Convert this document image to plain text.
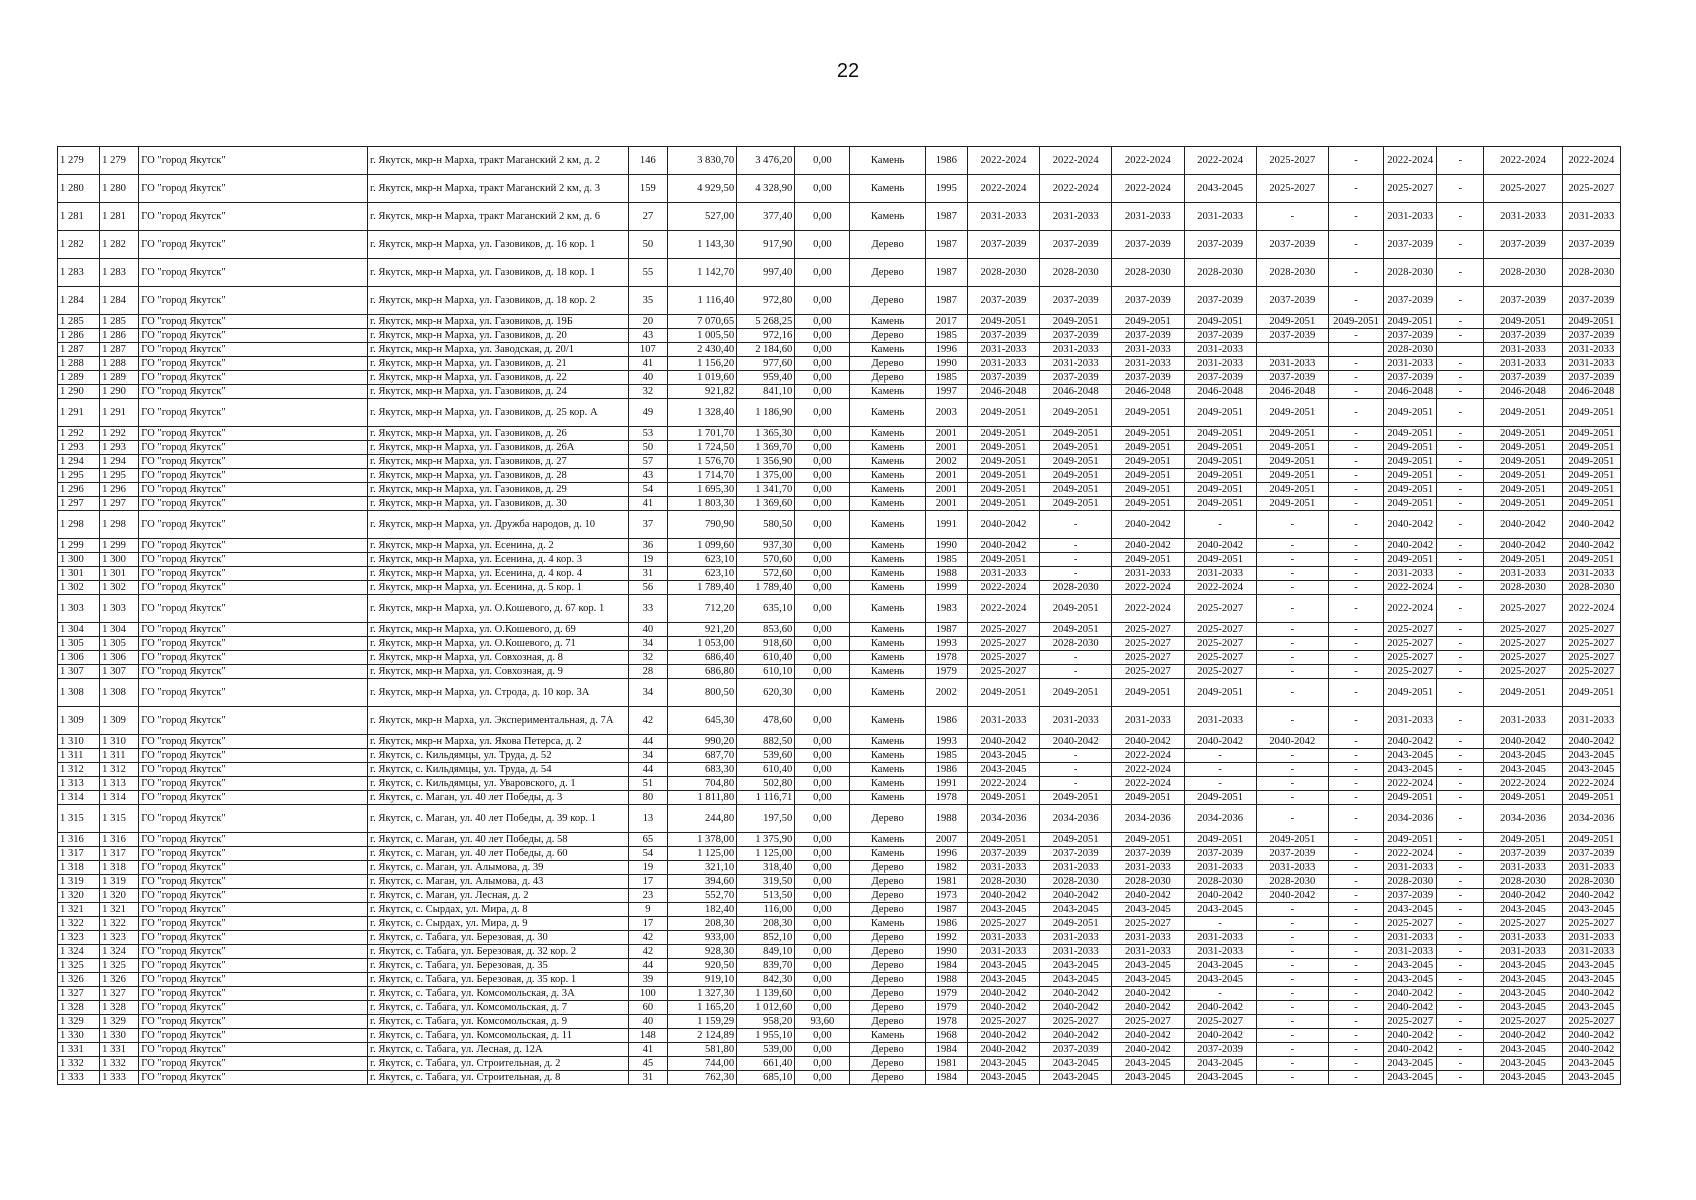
22
1 279	1 279	ГО "город Якутск"	г. Якутск, мкр-н Марха, тракт Маганский 2 км, д. 2	146	3 830,70	3 476,20	0,00	Камень	1986	2022-2024	2022-2024	2022-2024	2022-2024	2025-2027	-	2022-2024	-	2022-2024	2022-2024
1 280	1 280	ГО "город Якутск"	г. Якутск, мкр-н Марха, тракт Маганский 2 км, д. 3	159	4 929,50	4 328,90	0,00	Камень	1995	2022-2024	2022-2024	2022-2024	2043-2045	2025-2027	-	2025-2027	-	2025-2027	2025-2027
1 281	1 281	ГО "город Якутск"	г. Якутск, мкр-н Марха, тракт Маганский 2 км, д. 6	27	527,00	377,40	0,00	Камень	1987	2031-2033	2031-2033	2031-2033	2031-2033	-	-	2031-2033	-	2031-2033	2031-2033
1 282	1 282	ГО "город Якутск"	г. Якутск, мкр-н Марха, ул. Газовиков, д. 16 кор. 1	50	1 143,30	917,90	0,00	Дерево	1987	2037-2039	2037-2039	2037-2039	2037-2039	2037-2039	-	2037-2039	-	2037-2039	2037-2039
1 283	1 283	ГО "город Якутск"	г. Якутск, мкр-н Марха, ул. Газовиков, д. 18 кор. 1	55	1 142,70	997,40	0,00	Дерево	1987	2028-2030	2028-2030	2028-2030	2028-2030	2028-2030	-	2028-2030	-	2028-2030	2028-2030
1 284	1 284	ГО "город Якутск"	г. Якутск, мкр-н Марха, ул. Газовиков, д. 18 кор. 2	35	1 116,40	972,80	0,00	Дерево	1987	2037-2039	2037-2039	2037-2039	2037-2039	2037-2039	-	2037-2039	-	2037-2039	2037-2039
1 285	1 285	ГО "город Якутск"	г. Якутск, мкр-н Марха, ул. Газовиков, д. 19Б	20	7 070,65	5 268,25	0,00	Камень	2017	2049-2051	2049-2051	2049-2051	2049-2051	2049-2051	2049-2051	2049-2051	-	2049-2051	2049-2051
1 286	1 286	ГО "город Якутск"	г. Якутск, мкр-н Марха, ул. Газовиков, д. 20	43	1 005,50	972,16	0,00	Дерево	1985	2037-2039	2037-2039	2037-2039	2037-2039	2037-2039	-	2037-2039	-	2037-2039	2037-2039
1 287	1 287	ГО "город Якутск"	г. Якутск, мкр-н Марха, ул. Заводская, д. 20/1	107	2 430,40	2 184,60	0,00	Камень	1996	2031-2033	2031-2033	2031-2033	2031-2033			2028-2030		2031-2033	2031-2033
1 288	1 288	ГО "город Якутск"	г. Якутск, мкр-н Марха, ул. Газовиков, д. 21	41	1 156,20	977,60	0,00	Дерево	1990	2031-2033	2031-2033	2031-2033	2031-2033	2031-2033	-	2031-2033	-	2031-2033	2031-2033
1 289	1 289	ГО "город Якутск"	г. Якутск, мкр-н Марха, ул. Газовиков, д. 22	40	1 019,60	959,40	0,00	Дерево	1985	2037-2039	2037-2039	2037-2039	2037-2039	2037-2039	-	2037-2039	-	2037-2039	2037-2039
1 290	1 290	ГО "город Якутск"	г. Якутск, мкр-н Марха, ул. Газовиков, д. 24	32	921,82	841,10	0,00	Камень	1997	2046-2048	2046-2048	2046-2048	2046-2048	2046-2048	-	2046-2048	-	2046-2048	2046-2048
1 291	1 291	ГО "город Якутск"	г. Якутск, мкр-н Марха, ул. Газовиков, д. 25 кор. А	49	1 328,40	1 186,90	0,00	Камень	2003	2049-2051	2049-2051	2049-2051	2049-2051	2049-2051	-	2049-2051	-	2049-2051	2049-2051
1 292	1 292	ГО "город Якутск"	г. Якутск, мкр-н Марха, ул. Газовиков, д. 26	53	1 701,70	1 365,30	0,00	Камень	2001	2049-2051	2049-2051	2049-2051	2049-2051	2049-2051	-	2049-2051	-	2049-2051	2049-2051
1 293	1 293	ГО "город Якутск"	г. Якутск, мкр-н Марха, ул. Газовиков, д. 26А	50	1 724,50	1 369,70	0,00	Камень	2001	2049-2051	2049-2051	2049-2051	2049-2051	2049-2051	-	2049-2051	-	2049-2051	2049-2051
1 294	1 294	ГО "город Якутск"	г. Якутск, мкр-н Марха, ул. Газовиков, д. 27	57	1 576,70	1 356,90	0,00	Камень	2002	2049-2051	2049-2051	2049-2051	2049-2051	2049-2051	-	2049-2051	-	2049-2051	2049-2051
1 295	1 295	ГО "город Якутск"	г. Якутск, мкр-н Марха, ул. Газовиков, д. 28	43	1 714,70	1 375,00	0,00	Камень	2001	2049-2051	2049-2051	2049-2051	2049-2051	2049-2051	-	2049-2051	-	2049-2051	2049-2051
1 296	1 296	ГО "город Якутск"	г. Якутск, мкр-н Марха, ул. Газовиков, д. 29	54	1 695,30	1 341,70	0,00	Камень	2001	2049-2051	2049-2051	2049-2051	2049-2051	2049-2051	-	2049-2051	-	2049-2051	2049-2051
1 297	1 297	ГО "город Якутск"	г. Якутск, мкр-н Марха, ул. Газовиков, д. 30	41	1 803,30	1 369,60	0,00	Камень	2001	2049-2051	2049-2051	2049-2051	2049-2051	2049-2051	-	2049-2051	-	2049-2051	2049-2051
1 298	1 298	ГО "город Якутск"	г. Якутск, мкр-н Марха, ул. Дружба народов, д. 10	37	790,90	580,50	0,00	Камень	1991	2040-2042	-	2040-2042	-	-	-	2040-2042	-	2040-2042	2040-2042
1 299	1 299	ГО "город Якутск"	г. Якутск, мкр-н Марха, ул. Есенина, д. 2	36	1 099,60	937,30	0,00	Камень	1990	2040-2042	-	2040-2042	2040-2042	-	-	2040-2042	-	2040-2042	2040-2042
1 300	1 300	ГО "город Якутск"	г. Якутск, мкр-н Марха, ул. Есенина, д. 4 кор. 3	19	623,10	570,60	0,00	Камень	1985	2049-2051	-	2049-2051	2049-2051	-	-	2049-2051	-	2049-2051	2049-2051
1 301	1 301	ГО "город Якутск"	г. Якутск, мкр-н Марха, ул. Есенина, д. 4 кор. 4	31	623,10	572,60	0,00	Камень	1988	2031-2033	-	2031-2033	2031-2033	-	-	2031-2033	-	2031-2033	2031-2033
1 302	1 302	ГО "город Якутск"	г. Якутск, мкр-н Марха, ул. Есенина, д. 5 кор. 1	56	1 789,40	1 789,40	0,00	Камень	1999	2022-2024	2028-2030	2022-2024	2022-2024	-	-	2022-2024	-	2028-2030	2028-2030
1 303	1 303	ГО "город Якутск"	г. Якутск, мкр-н Марха, ул. О.Кошевого, д. 67 кор. 1	33	712,20	635,10	0,00	Камень	1983	2022-2024	2049-2051	2022-2024	2025-2027	-	-	2022-2024	-	2025-2027	2022-2024
1 304	1 304	ГО "город Якутск"	г. Якутск, мкр-н Марха, ул. О.Кошевого, д. 69	40	921,20	853,60	0,00	Камень	1987	2025-2027	2049-2051	2025-2027	2025-2027	-	-	2025-2027	-	2025-2027	2025-2027
1 305	1 305	ГО "город Якутск"	г. Якутск, мкр-н Марха, ул. О.Кошевого, д. 71	34	1 053,00	918,60	0,00	Камень	1993	2025-2027	2028-2030	2025-2027	2025-2027	-	-	2025-2027	-	2025-2027	2025-2027
1 306	1 306	ГО "город Якутск"	г. Якутск, мкр-н Марха, ул. Совхозная, д. 8	32	686,40	610,40	0,00	Камень	1978	2025-2027	-	2025-2027	2025-2027	-	-	2025-2027	-	2025-2027	2025-2027
1 307	1 307	ГО "город Якутск"	г. Якутск, мкр-н Марха, ул. Совхозная, д. 9	28	686,80	610,10	0,00	Камень	1979	2025-2027	-	2025-2027	2025-2027	-	-	2025-2027	-	2025-2027	2025-2027
1 308	1 308	ГО "город Якутск"	г. Якутск, мкр-н Марха, ул. Строда, д. 10 кор. 3А	34	800,50	620,30	0,00	Камень	2002	2049-2051	2049-2051	2049-2051	2049-2051	-	-	2049-2051	-	2049-2051	2049-2051
1 309	1 309	ГО "город Якутск"	г. Якутск, мкр-н Марха, ул. Экспериментальная, д. 7А	42	645,30	478,60	0,00	Камень	1986	2031-2033	2031-2033	2031-2033	2031-2033	-	-	2031-2033	-	2031-2033	2031-2033
1 310	1 310	ГО "город Якутск"	г. Якутск, мкр-н Марха, ул. Якова Петерса, д. 2	44	990,20	882,50	0,00	Камень	1993	2040-2042	2040-2042	2040-2042	2040-2042	2040-2042	-	2040-2042	-	2040-2042	2040-2042
1 311	1 311	ГО "город Якутск"	г. Якутск, с. Кильдямцы, ул. Труда, д. 52	34	687,70	539,60	0,00	Камень	1985	2043-2045	-	2022-2024	-	-	-	2043-2045	-	2043-2045	2043-2045
1 312	1 312	ГО "город Якутск"	г. Якутск, с. Кильдямцы, ул. Труда, д. 54	44	683,30	610,40	0,00	Камень	1986	2043-2045	-	2022-2024	-	-	-	2043-2045	-	2043-2045	2043-2045
1 313	1 313	ГО "город Якутск"	г. Якутск, с. Кильдямцы, ул. Уваровского, д. 1	51	704,80	502,80	0,00	Камень	1991	2022-2024	-	2022-2024	-	-	-	2022-2024	-	2022-2024	2022-2024
1 314	1 314	ГО "город Якутск"	г. Якутск, с. Маган, ул. 40 лет Победы, д. 3	80	1 811,80	1 116,71	0,00	Камень	1978	2049-2051	2049-2051	2049-2051	2049-2051	-	-	2049-2051	-	2049-2051	2049-2051
1 315	1 315	ГО "город Якутск"	г. Якутск, с. Маган, ул. 40 лет Победы, д. 39 кор. 1	13	244,80	197,50	0,00	Дерево	1988	2034-2036	2034-2036	2034-2036	2034-2036	-	-	2034-2036	-	2034-2036	2034-2036
1 316	1 316	ГО "город Якутск"	г. Якутск, с. Маган, ул. 40 лет Победы, д. 58	65	1 378,00	1 375,90	0,00	Камень	2007	2049-2051	2049-2051	2049-2051	2049-2051	2049-2051	-	2049-2051	-	2049-2051	2049-2051
1 317	1 317	ГО "город Якутск"	г. Якутск, с. Маган, ул. 40 лет Победы, д. 60	54	1 125,00	1 125,00	0,00	Камень	1996	2037-2039	2037-2039	2037-2039	2037-2039	2037-2039	-	2022-2024	-	2037-2039	2037-2039
1 318	1 318	ГО "город Якутск"	г. Якутск, с. Маган, ул. Алымова, д. 39	19	321,10	318,40	0,00	Дерево	1982	2031-2033	2031-2033	2031-2033	2031-2033	2031-2033	-	2031-2033	-	2031-2033	2031-2033
1 319	1 319	ГО "город Якутск"	г. Якутск, с. Маган, ул. Алымова, д. 43	17	394,60	319,50	0,00	Дерево	1981	2028-2030	2028-2030	2028-2030	2028-2030	2028-2030	-	2028-2030	-	2028-2030	2028-2030
1 320	1 320	ГО "город Якутск"	г. Якутск, с. Маган, ул. Лесная, д. 2	23	552,70	513,50	0,00	Дерево	1973	2040-2042	2040-2042	2040-2042	2040-2042	2040-2042	-	2037-2039	-	2040-2042	2040-2042
1 321	1 321	ГО "город Якутск"	г. Якутск, с. Сырдах, ул. Мира, д. 8	9	182,40	116,00	0,00	Дерево	1987	2043-2045	2043-2045	2043-2045	2043-2045	-	-	2043-2045	-	2043-2045	2043-2045
1 322	1 322	ГО "город Якутск"	г. Якутск, с. Сырдах, ул. Мира, д. 9	17	208,30	208,30	0,00	Камень	1986	2025-2027	2049-2051	2025-2027	-	-	-	2025-2027	-	2025-2027	2025-2027
1 323	1 323	ГО "город Якутск"	г. Якутск, с. Табага, ул. Березовая, д. 30	42	933,00	852,10	0,00	Дерево	1992	2031-2033	2031-2033	2031-2033	2031-2033	-	-	2031-2033	-	2031-2033	2031-2033
1 324	1 324	ГО "город Якутск"	г. Якутск, с. Табага, ул. Березовая, д. 32 кор. 2	42	928,30	849,10	0,00	Дерево	1990	2031-2033	2031-2033	2031-2033	2031-2033	-	-	2031-2033	-	2031-2033	2031-2033
1 325	1 325	ГО "город Якутск"	г. Якутск, с. Табага, ул. Березовая, д. 35	44	920,50	839,70	0,00	Дерево	1984	2043-2045	2043-2045	2043-2045	2043-2045	-	-	2043-2045	-	2043-2045	2043-2045
1 326	1 326	ГО "город Якутск"	г. Якутск, с. Табага, ул. Березовая, д. 35 кор. 1	39	919,10	842,30	0,00	Дерево	1988	2043-2045	2043-2045	2043-2045	2043-2045	-	-	2043-2045	-	2043-2045	2043-2045
1 327	1 327	ГО "город Якутск"	г. Якутск, с. Табага, ул. Комсомольская, д. 3А	100	1 327,30	1 139,60	0,00	Дерево	1979	2040-2042	2040-2042	2040-2042	-	-	-	2040-2042	-	2043-2045	2040-2042
1 328	1 328	ГО "город Якутск"	г. Якутск, с. Табага, ул. Комсомольская, д. 7	60	1 165,20	1 012,60	0,00	Дерево	1979	2040-2042	2040-2042	2040-2042	2040-2042	-	-	2040-2042	-	2043-2045	2043-2045
1 329	1 329	ГО "город Якутск"	г. Якутск, с. Табага, ул. Комсомольская, д. 9	40	1 159,29	958,20	93,60	Дерево	1978	2025-2027	2025-2027	2025-2027	2025-2027	-	-	2025-2027	-	2025-2027	2025-2027
1 330	1 330	ГО "город Якутск"	г. Якутск, с. Табага, ул. Комсомольская, д. 11	148	2 124,89	1 955,10	0,00	Камень	1968	2040-2042	2040-2042	2040-2042	2040-2042	-	-	2040-2042	-	2040-2042	2040-2042
1 331	1 331	ГО "город Якутск"	г. Якутск, с. Табага, ул. Лесная, д. 12А	41	581,80	539,00	0,00	Дерево	1984	2040-2042	2037-2039	2040-2042	2037-2039	-	-	2040-2042	-	2043-2045	2040-2042
1 332	1 332	ГО "город Якутск"	г. Якутск, с. Табага, ул. Строительная, д. 2	45	744,00	661,40	0,00	Дерево	1981	2043-2045	2043-2045	2043-2045	2043-2045	-	-	2043-2045	-	2043-2045	2043-2045
1 333	1 333	ГО "город Якутск"	г. Якутск, с. Табага, ул. Строительная, д. 8	31	762,30	685,10	0,00	Дерево	1984	2043-2045	2043-2045	2043-2045	2043-2045	-	-	2043-2045	-	2043-2045	2043-2045
